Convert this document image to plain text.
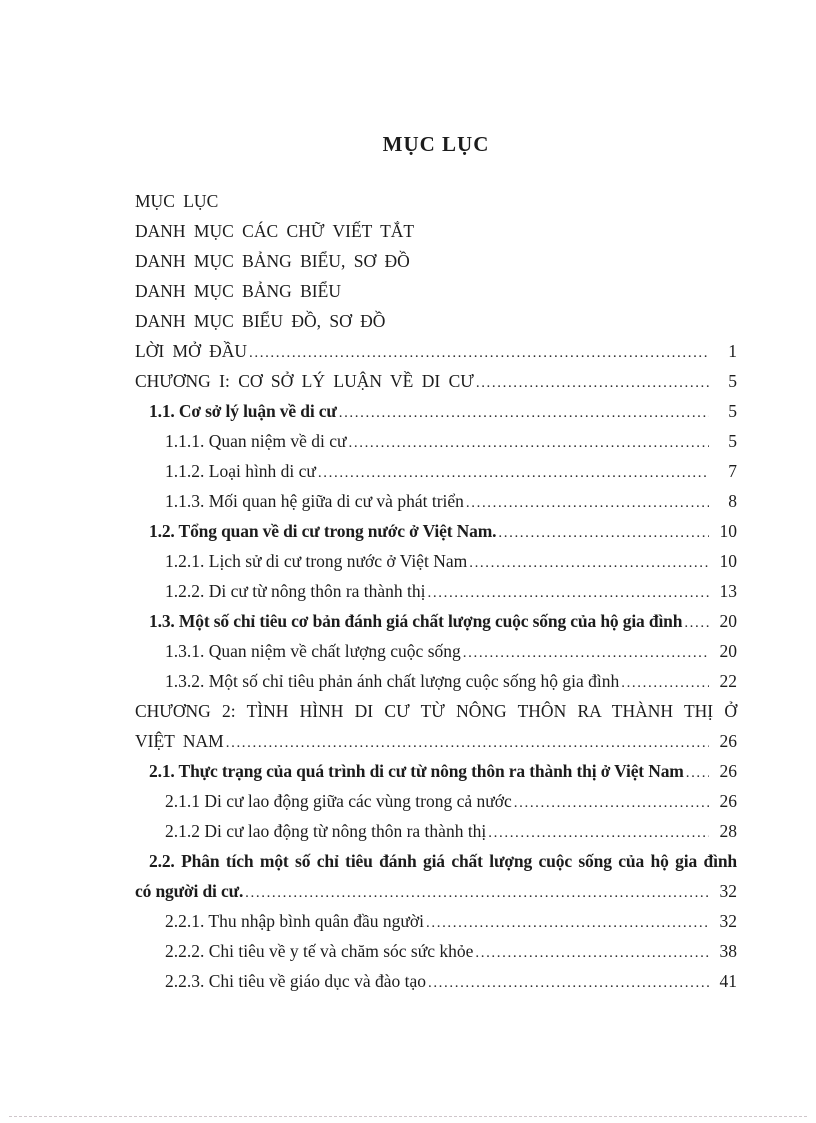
MỤC LỤC
MỤC LỤC
DANH MỤC CÁC CHỮ VIẾT TẮT
DANH MỤC BẢNG BIỂU, SƠ ĐỒ
DANH MỤC BẢNG BIỂU
DANH MỤC BIỂU ĐỒ, SƠ ĐỒ
LỜI MỞ ĐẦU .....	1
CHƯƠNG I: CƠ SỞ LÝ LUẬN VỀ DI CƯ .....	5
1.1. Cơ sở lý luận về di cư .....	5
1.1.1. Quan niệm về di cư .....	5
1.1.2. Loại hình di cư .....	7
1.1.3. Mối quan hệ giữa di cư và phát triển .....	8
1.2. Tổng quan về di cư trong nước ở Việt Nam. .....	10
1.2.1. Lịch sử di cư trong nước ở Việt Nam .....	10
1.2.2. Di cư từ nông thôn ra thành thị .....	13
1.3. Một số chỉ tiêu cơ bản đánh giá chất lượng cuộc sống của hộ gia đình .....	20
1.3.1. Quan niệm về chất lượng cuộc sống .....	20
1.3.2. Một số chỉ tiêu phản ánh chất lượng cuộc sống hộ gia đình .....	22
CHƯƠNG 2: TÌNH HÌNH DI CƯ TỪ NÔNG THÔN RA THÀNH THỊ Ở
VIỆT NAM .....	26
2.1. Thực trạng của quá trình di cư từ nông thôn ra thành thị ở Việt Nam .....	26
2.1.1 Di cư lao động giữa các vùng trong cả nước .....	26
2.1.2 Di cư lao động từ nông thôn ra thành thị .....	28
2.2. Phân tích một số chỉ tiêu đánh giá chất lượng cuộc sống của hộ gia đình
có người di cư. .....	32
2.2.1. Thu nhập bình quân đầu người .....	32
2.2.2. Chi tiêu về y tế và chăm sóc sức khỏe .....	38
2.2.3. Chi tiêu về giáo dục và đào tạo .....	41
